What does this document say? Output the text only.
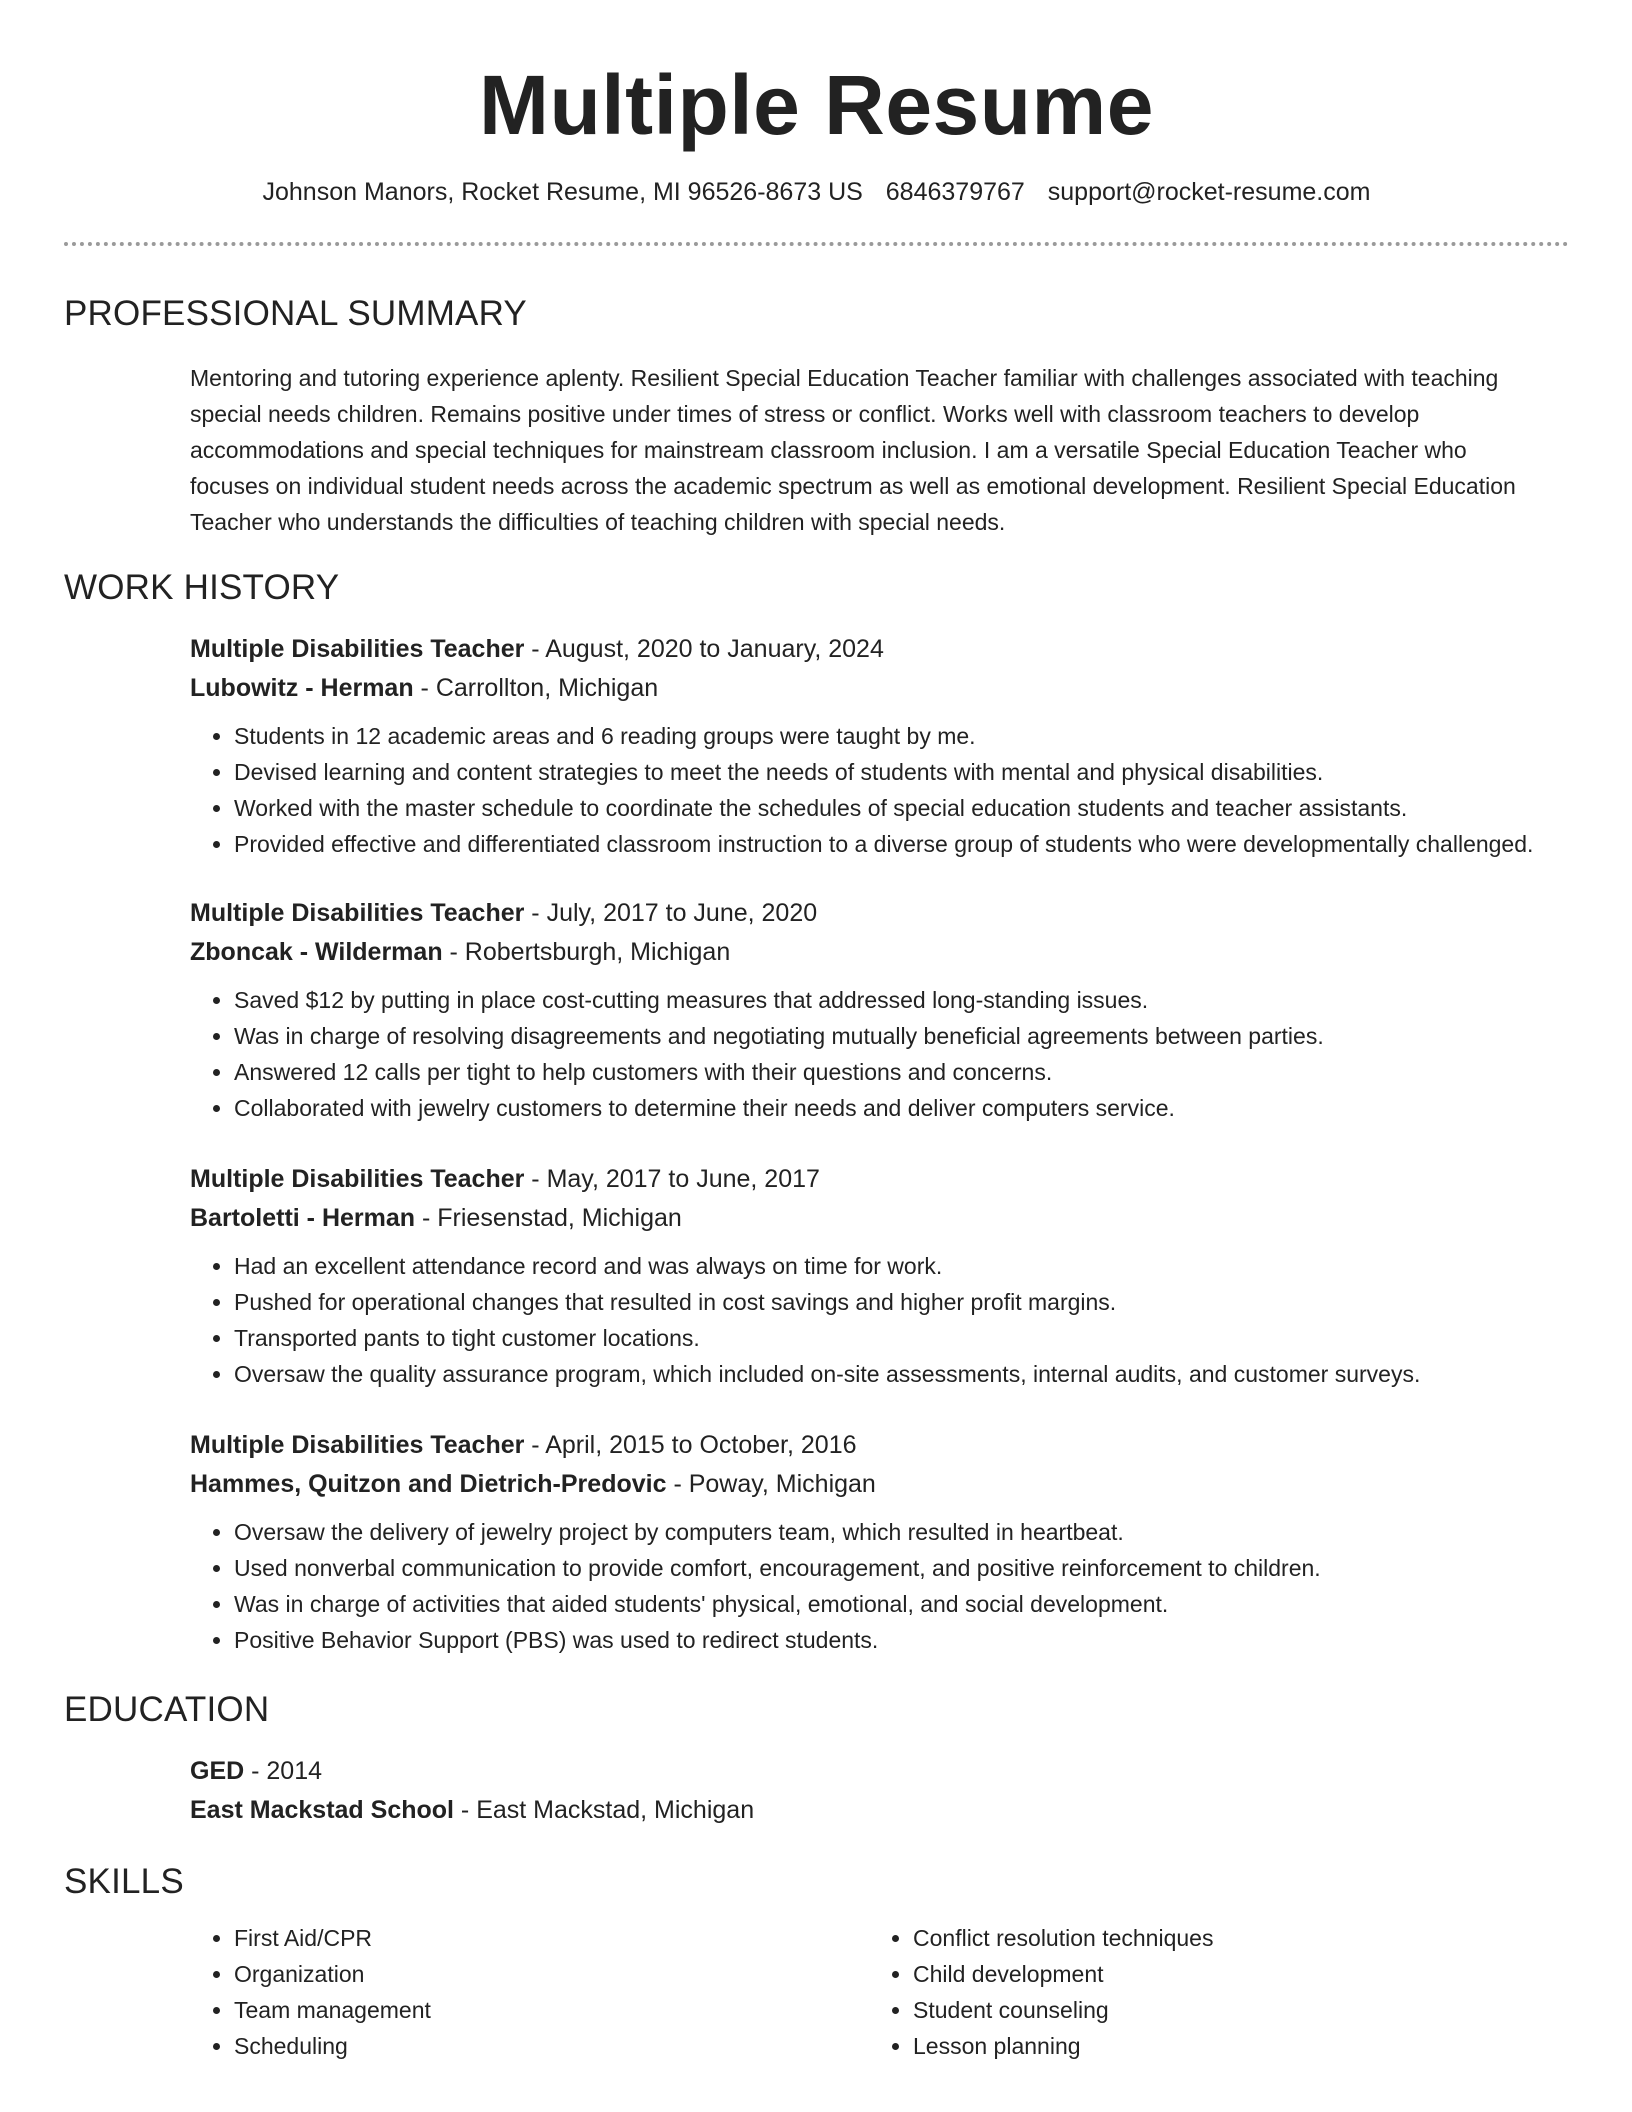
Multiple Resume
Johnson Manors, Rocket Resume, MI 96526-8673 US 6846379767 support@rocket-resume.com
PROFESSIONAL SUMMARY
Mentoring and tutoring experience aplenty. Resilient Special Education Teacher familiar with challenges associated with teaching special needs children. Remains positive under times of stress or conflict. Works well with classroom teachers to develop accommodations and special techniques for mainstream classroom inclusion. I am a versatile Special Education Teacher who focuses on individual student needs across the academic spectrum as well as emotional development. Resilient Special Education Teacher who understands the difficulties of teaching children with special needs.
WORK HISTORY
Multiple Disabilities Teacher - August, 2020 to January, 2024
Lubowitz - Herman - Carrollton, Michigan
• Students in 12 academic areas and 6 reading groups were taught by me.
• Devised learning and content strategies to meet the needs of students with mental and physical disabilities.
• Worked with the master schedule to coordinate the schedules of special education students and teacher assistants.
• Provided effective and differentiated classroom instruction to a diverse group of students who were developmentally challenged.
Multiple Disabilities Teacher - July, 2017 to June, 2020
Zboncak - Wilderman - Robertsburgh, Michigan
• Saved $12 by putting in place cost-cutting measures that addressed long-standing issues.
• Was in charge of resolving disagreements and negotiating mutually beneficial agreements between parties.
• Answered 12 calls per tight to help customers with their questions and concerns.
• Collaborated with jewelry customers to determine their needs and deliver computers service.
Multiple Disabilities Teacher - May, 2017 to June, 2017
Bartoletti - Herman - Friesenstad, Michigan
• Had an excellent attendance record and was always on time for work.
• Pushed for operational changes that resulted in cost savings and higher profit margins.
• Transported pants to tight customer locations.
• Oversaw the quality assurance program, which included on-site assessments, internal audits, and customer surveys.
Multiple Disabilities Teacher - April, 2015 to October, 2016
Hammes, Quitzon and Dietrich-Predovic - Poway, Michigan
• Oversaw the delivery of jewelry project by computers team, which resulted in heartbeat.
• Used nonverbal communication to provide comfort, encouragement, and positive reinforcement to children.
• Was in charge of activities that aided students' physical, emotional, and social development.
• Positive Behavior Support (PBS) was used to redirect students.
EDUCATION
GED - 2014
East Mackstad School - East Mackstad, Michigan
SKILLS
• First Aid/CPR
• Organization
• Team management
• Scheduling
• Conflict resolution techniques
• Child development
• Student counseling
• Lesson planning
